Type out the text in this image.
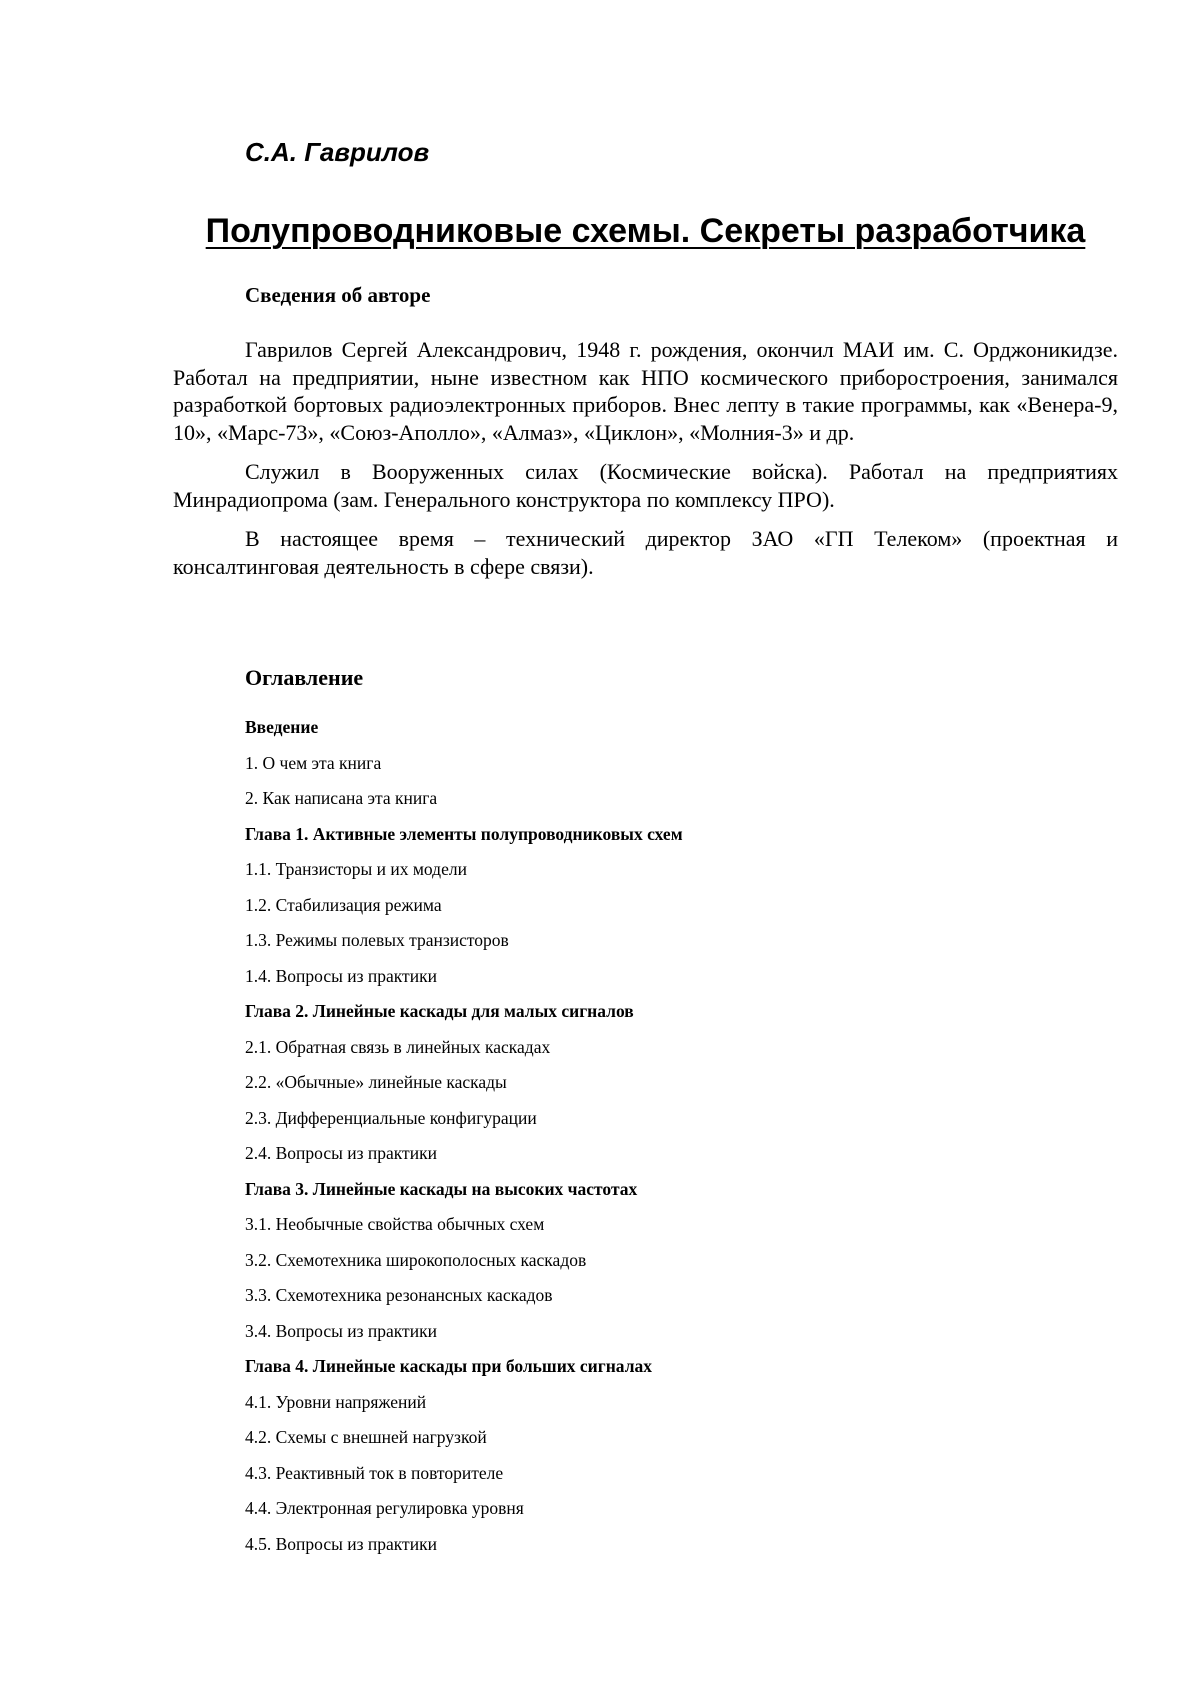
С.А. Гаврилов
Полупроводниковые схемы. Секреты разработчика
Сведения об авторе

Гаврилов Сергей Александрович, 1948 г. рождения, окончил МАИ им. С. Орджоникидзе. Работал на предприятии, ныне известном как НПО космического приборостроения, занимался разработкой бортовых радиоэлектронных приборов. Внес лепту в такие программы, как «Венера-9, 10», «Марс-73», «Союз-Аполло», «Алмаз», «Циклон», «Молния-3» и др.

Служил в Вооруженных силах (Космические войска). Работал на предприятиях Минрадиопрома (зам. Генерального конструктора по комплексу ПРО).

В настоящее время – технический директор ЗАО «ГП Телеком» (проектная и консалтинговая деятельность в сфере связи).

Оглавление
Введение
1. О чем эта книга
2. Как написана эта книга
Глава 1. Активные элементы полупроводниковых схем
1.1. Транзисторы и их модели
1.2. Стабилизация режима
1.3. Режимы полевых транзисторов
1.4. Вопросы из практики
Глава 2. Линейные каскады для малых сигналов
2.1. Обратная связь в линейных каскадах
2.2. «Обычные» линейные каскады
2.3. Дифференциальные конфигурации
2.4. Вопросы из практики
Глава 3. Линейные каскады на высоких частотах
3.1. Необычные свойства обычных схем
3.2. Схемотехника широкополосных каскадов
3.3. Схемотехника резонансных каскадов
3.4. Вопросы из практики
Глава 4. Линейные каскады при больших сигналах
4.1. Уровни напряжений
4.2. Схемы с внешней нагрузкой
4.3. Реактивный ток в повторителе
4.4. Электронная регулировка уровня
4.5. Вопросы из практики
